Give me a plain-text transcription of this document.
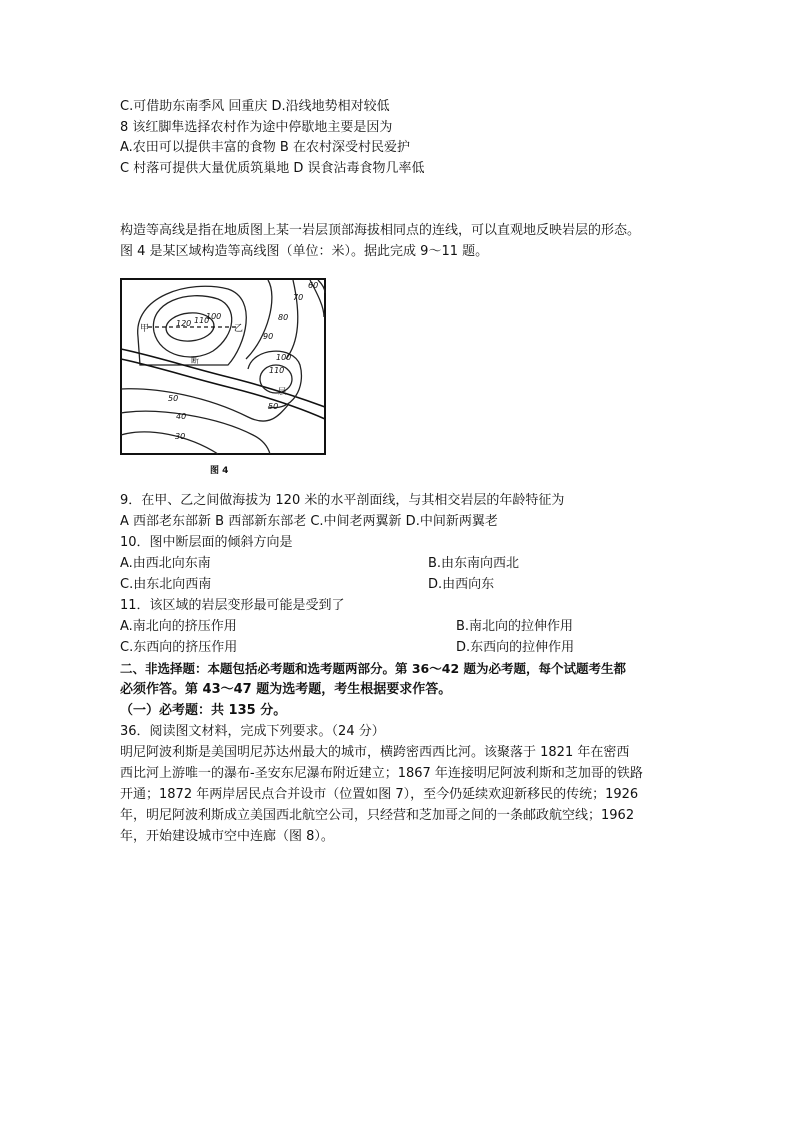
C.可借助东南季风 回重庆 D.沿线地势相对较低
8 该红脚隼选择农村作为途中停歇地主要是因为
A.农田可以提供丰富的食物 B 在农村深受村民爱护
C 村落可提供大量优质筑巢地 D 误食沾毒食物几率低
构造等高线是指在地质图上某一岩层顶部海拔相同点的连线，可以直观地反映岩层的形态。
图 4 是某区域构造等高线图（单位：米）。据此完成 9～11 题。
甲	乙
断
层
60
70
80
90
100
110
120
100
110
50
50
40
30
图 4
9．在甲、乙之间做海拔为 120 米的水平剖面线，与其相交岩层的年龄特征为
A 西部老东部新 B 西部新东部老 C.中间老两翼新 D.中间新两翼老
10．图中断层面的倾斜方向是
A.由西北向东南	B.由东南向西北
C.由东北向西南	D.由西向东
11．该区域的岩层变形最可能是受到了
A.南北向的挤压作用	B.南北向的拉伸作用
C.东西向的挤压作用	D.东西向的拉伸作用
二、非选择题：本题包括必考题和选考题两部分。第 36～42 题为必考题，每个试题考生都
必须作答。第 43～47 题为选考题，考生根据要求作答。
（一）必考题：共 135 分。
36．阅读图文材料，完成下列要求。（24 分）
明尼阿波利斯是美国明尼苏达州最大的城市，横跨密西西比河。该聚落于 1821 年在密西
西比河上游唯一的瀑布-圣安东尼瀑布附近建立；1867 年连接明尼阿波利斯和芝加哥的铁路
开通；1872 年两岸居民点合并设市（位置如图 7），至今仍延续欢迎新移民的传统；1926
年，明尼阿波利斯成立美国西北航空公司，只经营和芝加哥之间的一条邮政航空线；1962
年，开始建设城市空中连廊（图 8）。
